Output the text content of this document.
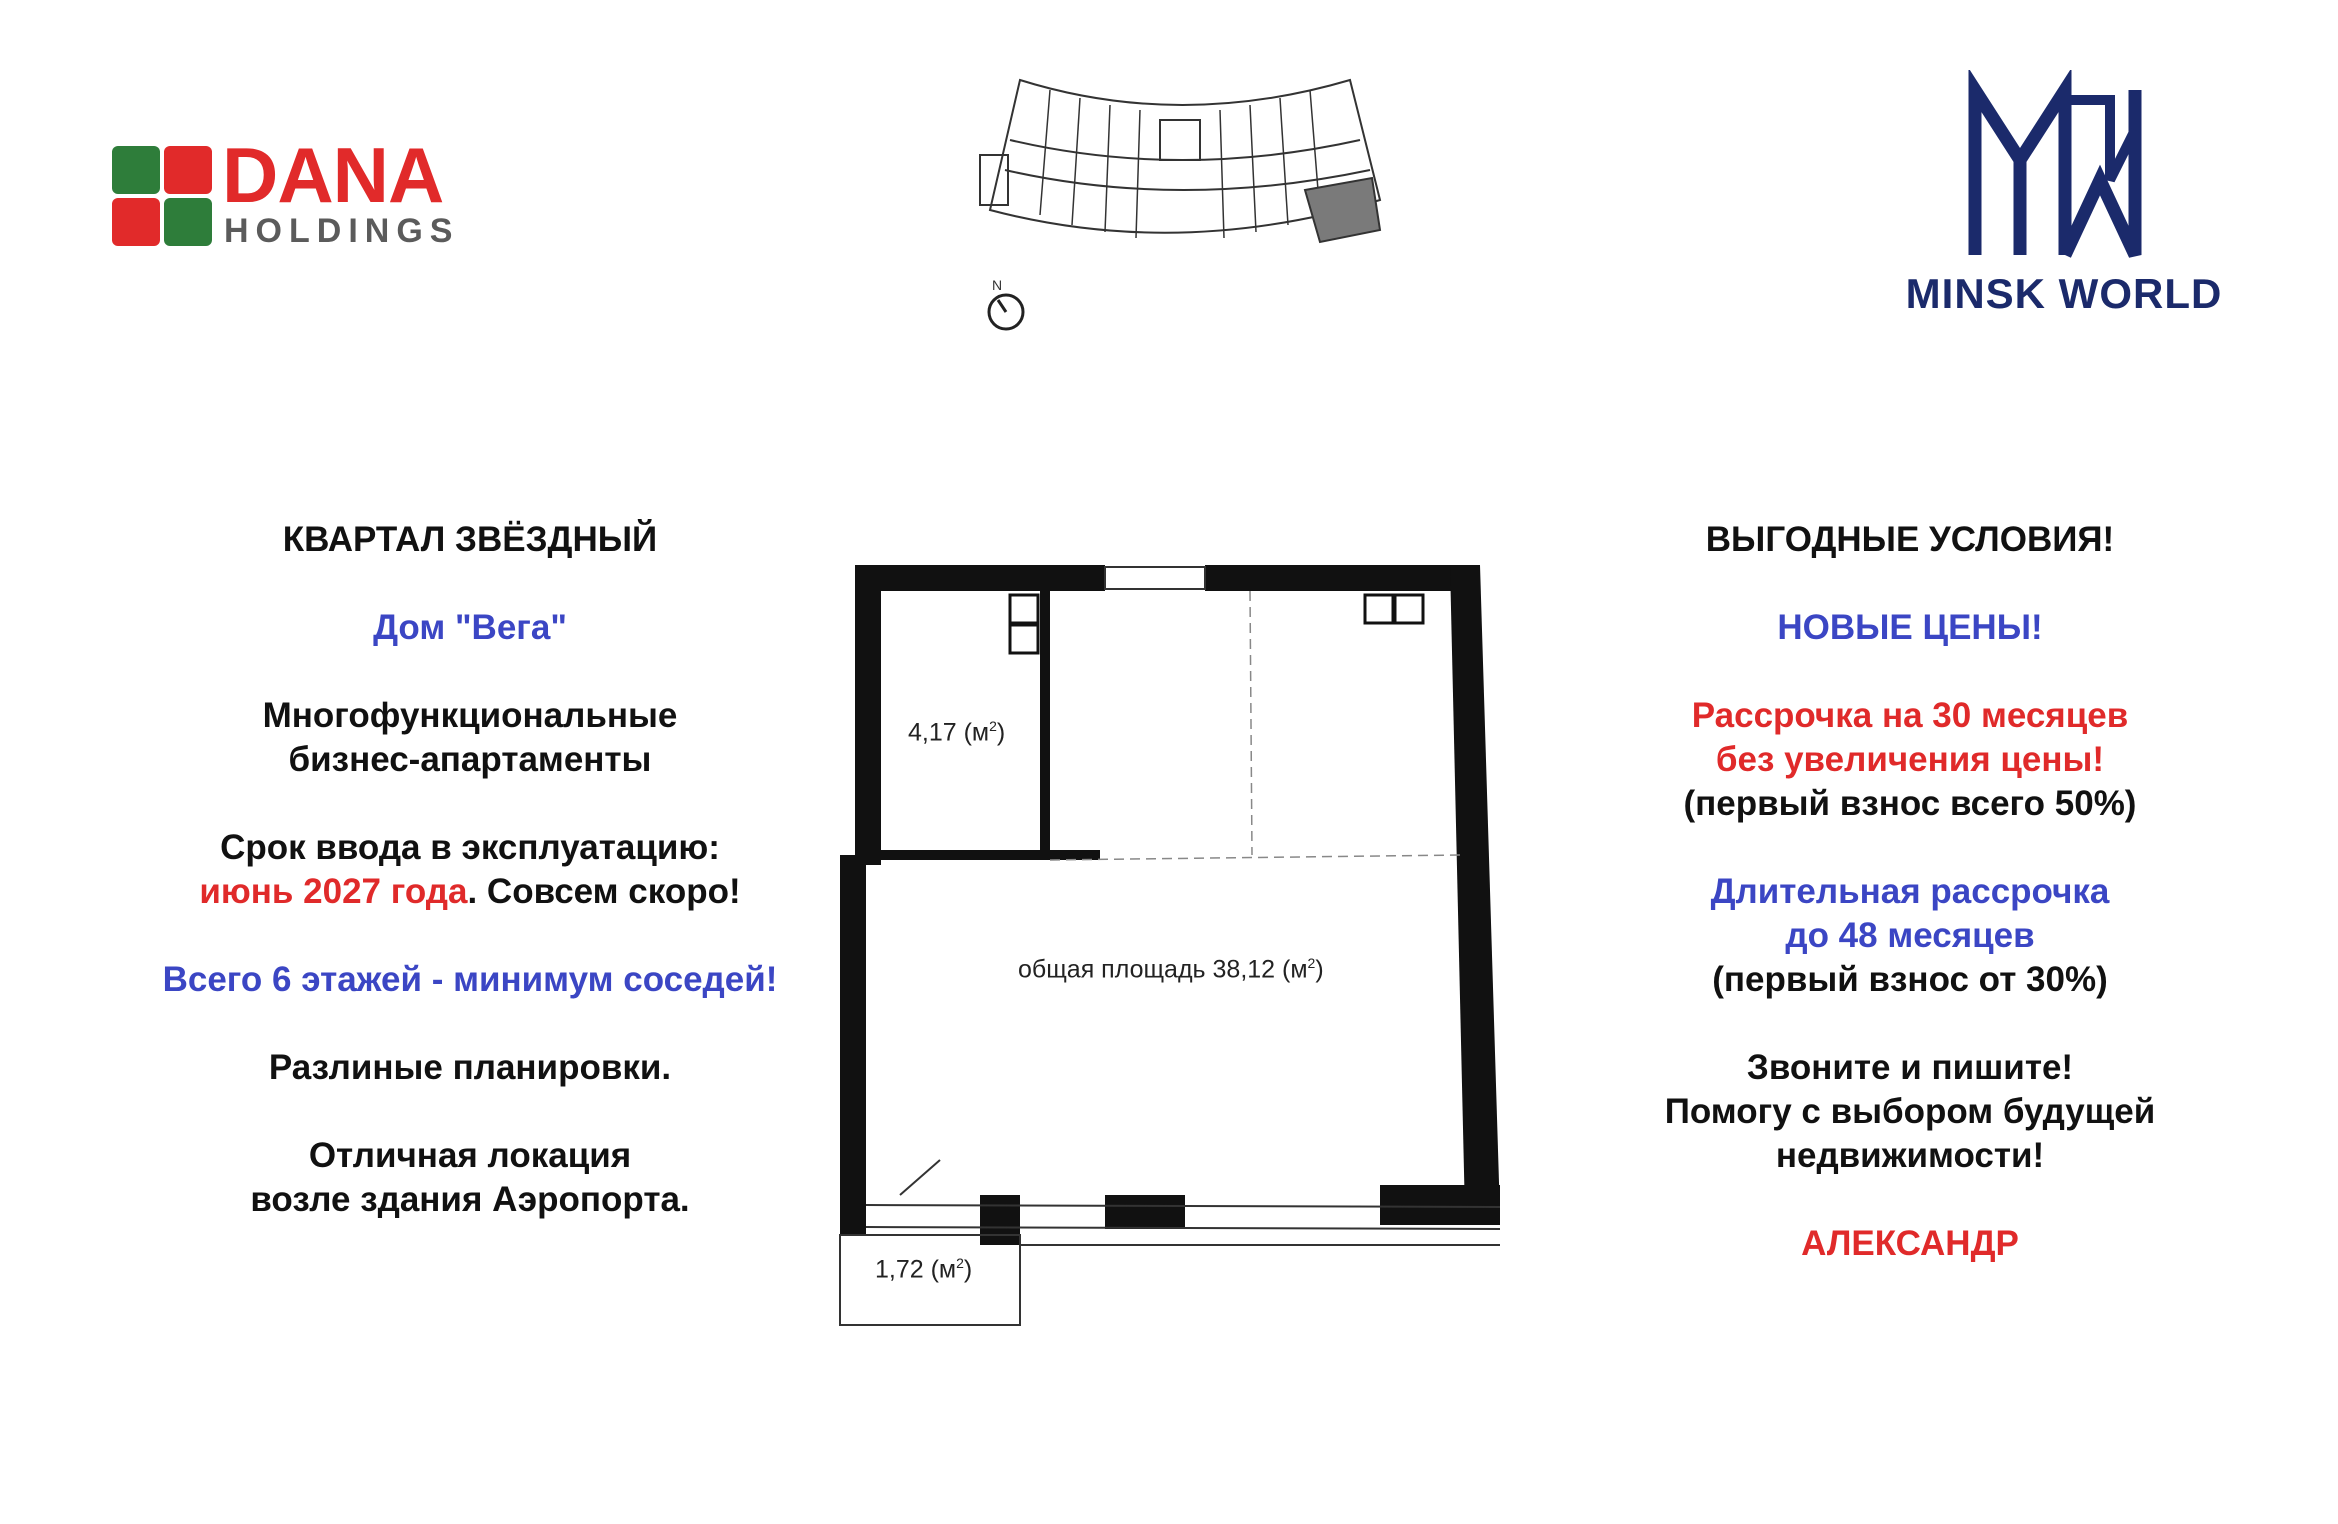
DANA
HOLDINGS
N	MINSK WORLD

КВАРТАЛ ЗВЁЗДНЫЙ

Дом "Вега"

Многофункциональные

бизнес-апартаменты

Срок ввода в эксплуатацию:

июнь 2027 года. Совсем скоро!

Всего 6 этажей - минимум соседей!

Разлиные планировки.

Отличная локация

возле здания Аэропорта.

4,17 $(м^2)$
общая площадь 38,12 $(м^2)$
1,72 $(м^2)$

ВЫГОДНЫЕ УСЛОВИЯ!

НОВЫЕ ЦЕНЫ!

Рассрочка на 30 месяцев

без увеличения цены!

(первый взнос всего 50%)

Длительная рассрочка

до 48 месяцев

(первый взнос от 30%)

Звоните и пишите!

Помогу с выбором будущей

недвижимости!

АЛЕКСАНДР
